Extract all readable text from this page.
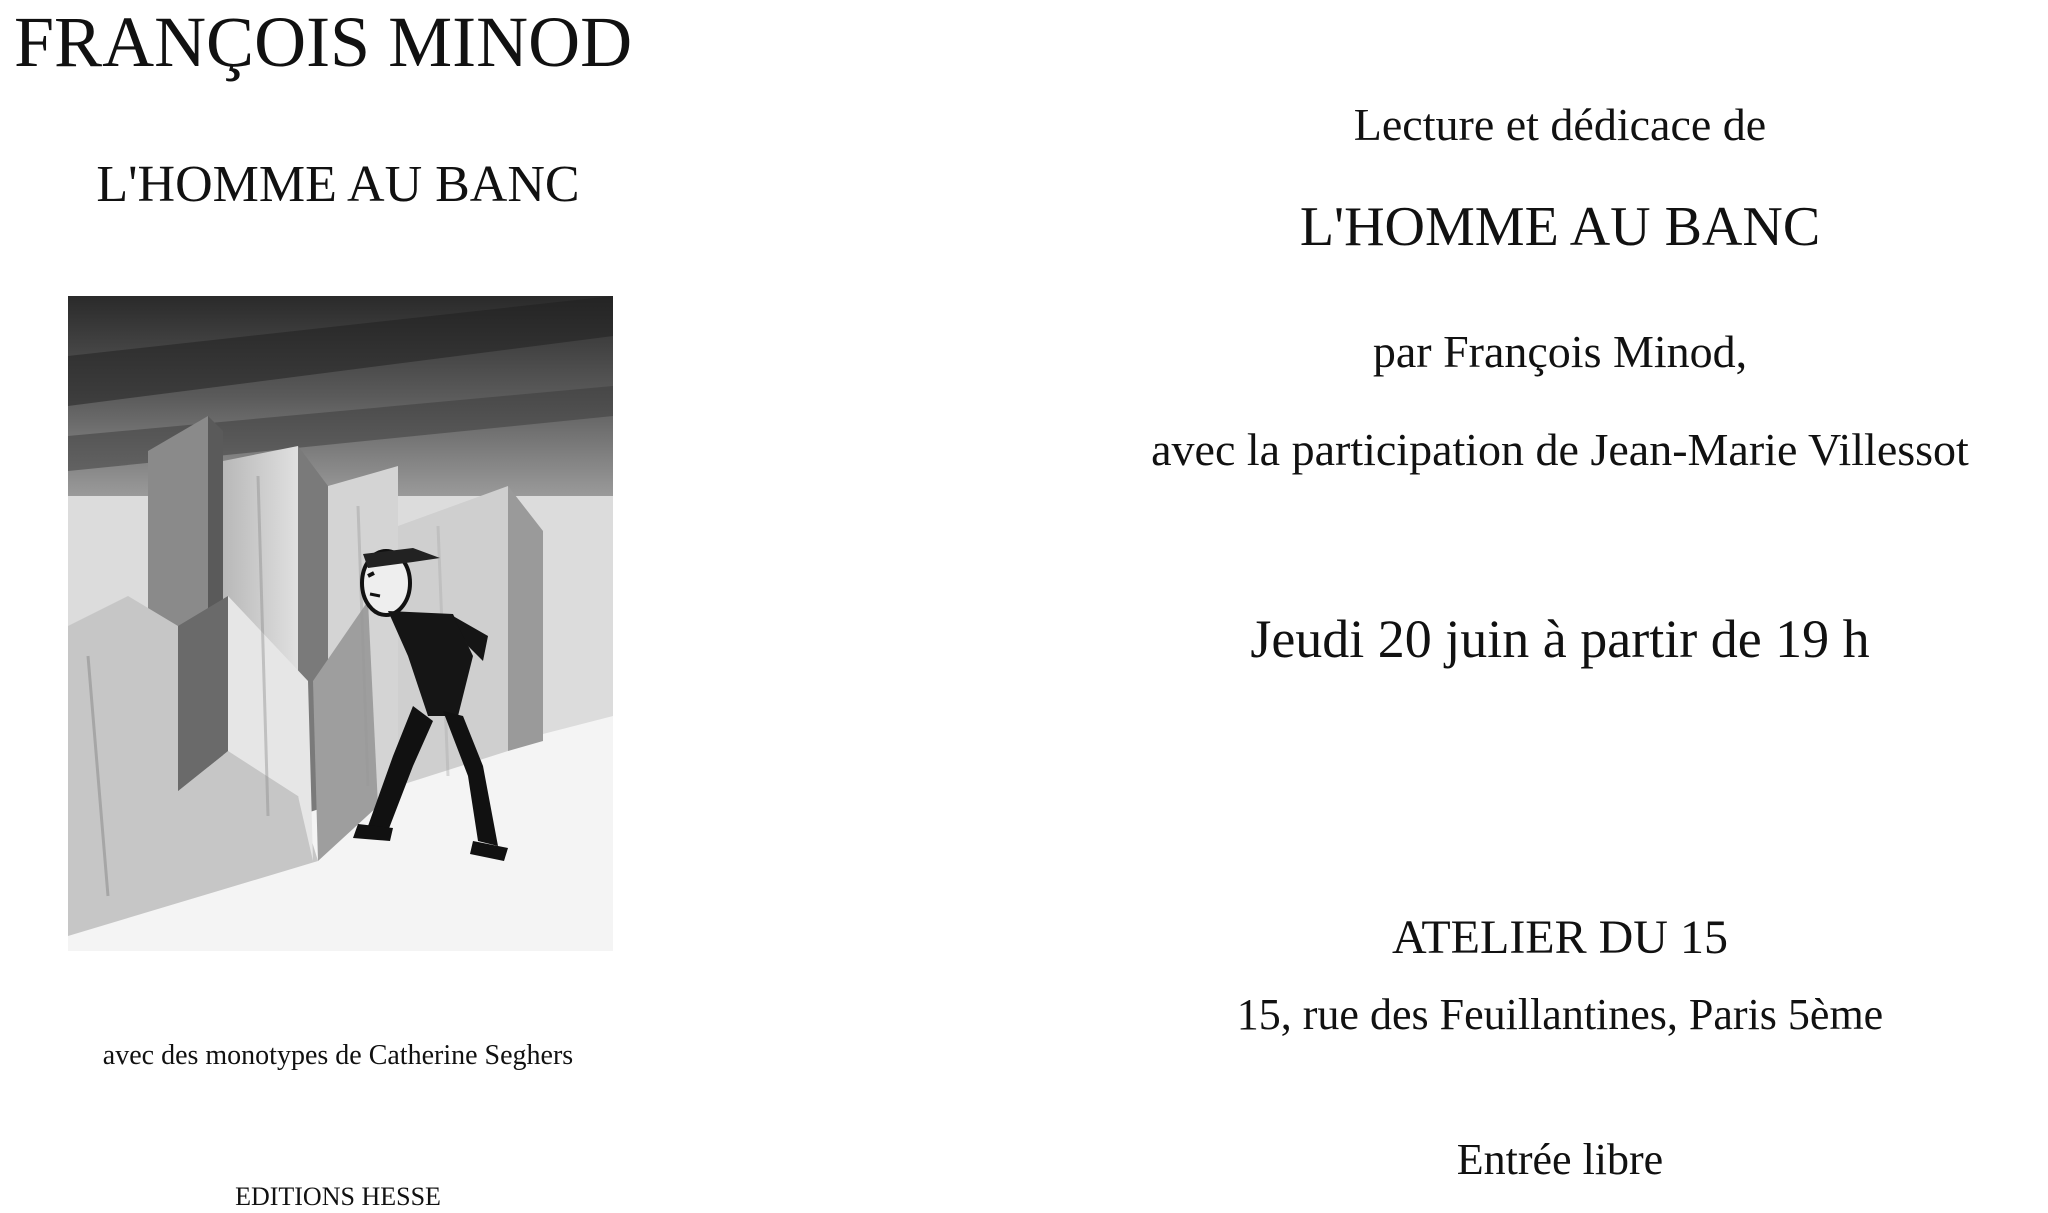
FRANÇOIS MINOD
L'HOMME AU BANC
avec des monotypes de Catherine Seghers
EDITIONS HESSE
Lecture et dédicace de
L'HOMME AU BANC
par François Minod,
avec la participation de Jean-Marie Villessot
Jeudi 20 juin à partir de 19 h
ATELIER DU 15
15, rue des Feuillantines, Paris 5ème
Entrée libre
